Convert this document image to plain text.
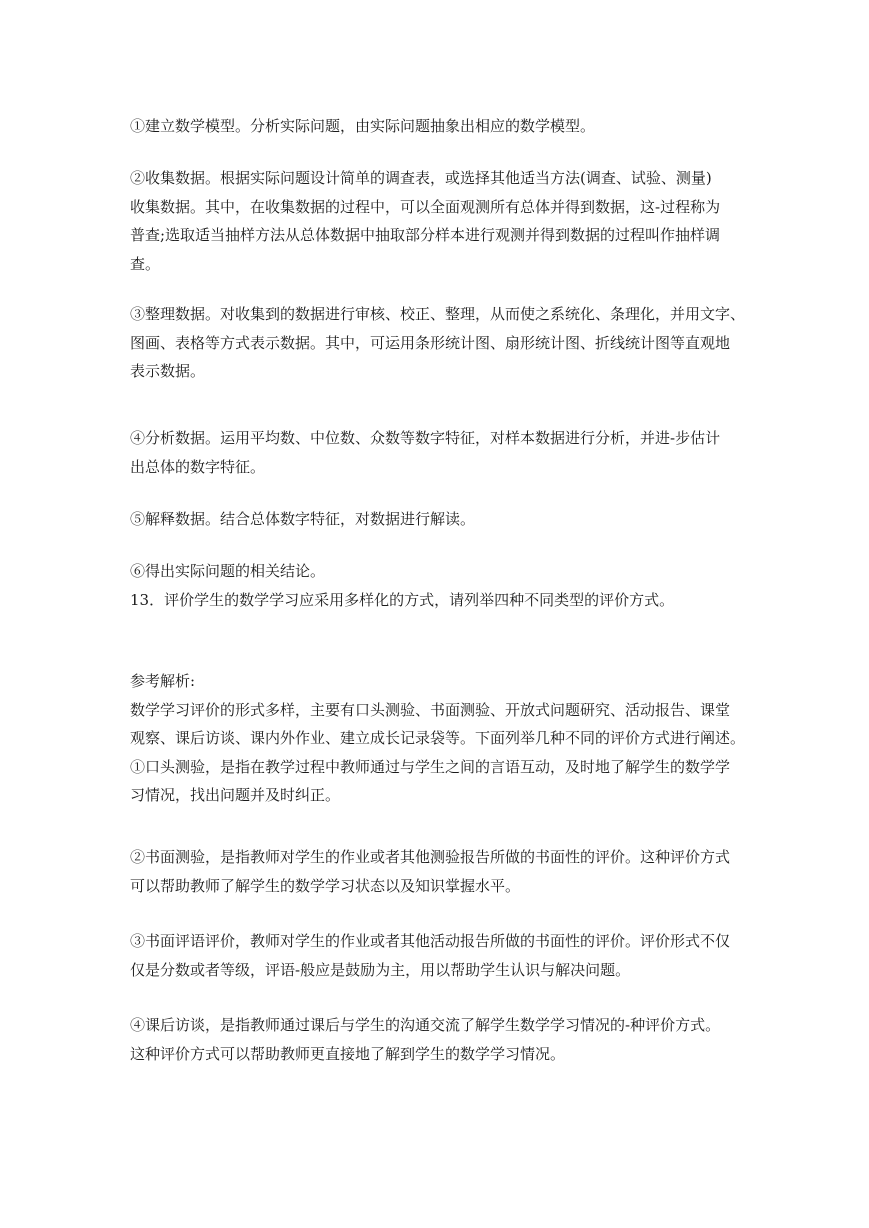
①建立数学模型。分析实际问题，由实际问题抽象出相应的数学模型。
②收集数据。根据实际问题设计简单的调查表，或选择其他适当方法(调查、试验、测量)
收集数据。其中，在收集数据的过程中，可以全面观测所有总体并得到数据，这-过程称为
普查;选取适当抽样方法从总体数据中抽取部分样本进行观测并得到数据的过程叫作抽样调
查。
③整理数据。对收集到的数据进行审核、校正、整理，从而使之系统化、条理化，并用文字、
图画、表格等方式表示数据。其中，可运用条形统计图、扇形统计图、折线统计图等直观地
表示数据。
④分析数据。运用平均数、中位数、众数等数字特征，对样本数据进行分析，并进-步估计
出总体的数字特征。
⑤解释数据。结合总体数字特征，对数据进行解读。
⑥得出实际问题的相关结论。
13．评价学生的数学学习应采用多样化的方式，请列举四种不同类型的评价方式。
参考解析:
数学学习评价的形式多样，主要有口头测验、书面测验、开放式问题研究、活动报告、课堂
观察、课后访谈、课内外作业、建立成长记录袋等。下面列举几种不同的评价方式进行阐述。
①口头测验，是指在教学过程中教师通过与学生之间的言语互动，及时地了解学生的数学学
习情况，找出问题并及时纠正。
②书面测验，是指教师对学生的作业或者其他测验报告所做的书面性的评价。这种评价方式
可以帮助教师了解学生的数学学习状态以及知识掌握水平。
③书面评语评价，教师对学生的作业或者其他活动报告所做的书面性的评价。评价形式不仅
仅是分数或者等级，评语-般应是鼓励为主，用以帮助学生认识与解决问题。
④课后访谈，是指教师通过课后与学生的沟通交流了解学生数学学习情况的-种评价方式。
这种评价方式可以帮助教师更直接地了解到学生的数学学习情况。
